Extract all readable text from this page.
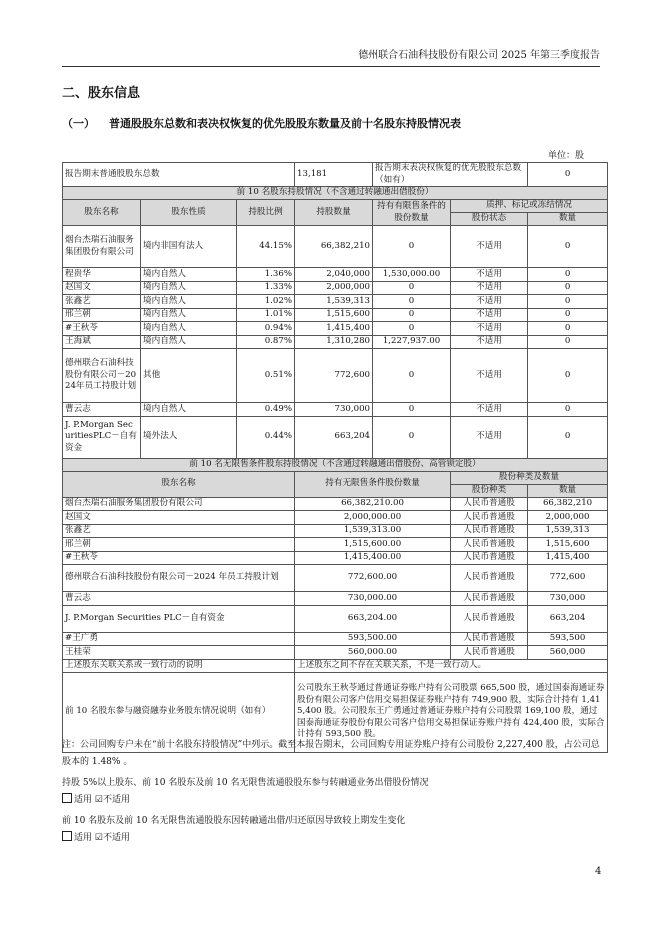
德州联合石油科技股份有限公司 2025 年第三季度报告
二、股东信息
（一） 普通股股东总数和表决权恢复的优先股股东数量及前十名股东持股情况表
单位：股
报告期末普通股股东总数			13,181	报告期末表决权恢复的优先股股东总数（如有）		0
前 10 名股东持股情况（不含通过转融通出借股份）						
股东名称	股东性质	持股比例	持股数量	持有有限售条件的股份数量	质押、标记或冻结情况	
					股份状态	数量
烟台杰瑞石油服务集团股份有限公司	境内非国有法人	44.15%	66,382,210	0	不适用	0
程贵华	境内自然人	1.36%	2,040,000	1,530,000.00	不适用	0
赵国文	境内自然人	1.33%	2,000,000	0	不适用	0
张鑫艺	境内自然人	1.02%	1,539,313	0	不适用	0
邢兰朝	境内自然人	1.01%	1,515,600	0	不适用	0
#王秋苓	境内自然人	0.94%	1,415,400	0	不适用	0
王海斌	境内自然人	0.87%	1,310,280	1,227,937.00	不适用	0
德州联合石油科技股份有限公司－2024年员工持股计划	其他	0.51%	772,600	0	不适用	0
曹云志	境内自然人	0.49%	730,000	0	不适用	0
J. P.Morgan SecuritiesPLC－自有资金	境外法人	0.44%	663,204	0	不适用	0
前 10 名无限售条件股东持股情况（不含通过转融通出借股份、高管锁定股）						
股东名称			持有无限售条件股份数量		股份种类及数量	
					股份种类	数量
烟台杰瑞石油服务集团股份有限公司			66,382,210.00		人民币普通股	66,382,210
赵国文			2,000,000.00		人民币普通股	2,000,000
张鑫艺			1,539,313.00		人民币普通股	1,539,313
邢兰朝			1,515,600.00		人民币普通股	1,515,600
#王秋苓			1,415,400.00		人民币普通股	1,415,400
德州联合石油科技股份有限公司－2024 年员工持股计划			772,600.00		人民币普通股	772,600
曹云志			730,000.00		人民币普通股	730,000
J. P.Morgan Securities PLC－自有资金			663,204.00		人民币普通股	663,204
#王广勇			593,500.00		人民币普通股	593,500
王桂荣			560,000.00		人民币普通股	560,000
上述股东关联关系或一致行动的说明			上述股东之间不存在关联关系，不是一致行动人。			
前 10 名股东参与融资融券业务股东情况说明（如有）			公司股东王秋苓通过普通证券账户持有公司股票 665,500 股，通过国泰海通证券股份有限公司客户信用交易担保证券账户持有 749,900 股，实际合计持有 1,415,400 股。公司股东王广勇通过普通证券账户持有公司股票 169,100 股，通过国泰海通证券股份有限公司客户信用交易担保证券账户持有 424,400 股，实际合计持有 593,500 股。			
注：公司回购专户未在“前十名股东持股情况”中列示。截至本报告期末，公司回购专用证券账户持有公司股份 2,227,400 股，占公司总股本的 1.48% 。
持股 5%以上股东、前 10 名股东及前 10 名无限售流通股股东参与转融通业务出借股份情况
适用 ☑不适用
前 10 名股东及前 10 名无限售流通股股东因转融通出借/归还原因导致较上期发生变化
适用 ☑不适用
4
